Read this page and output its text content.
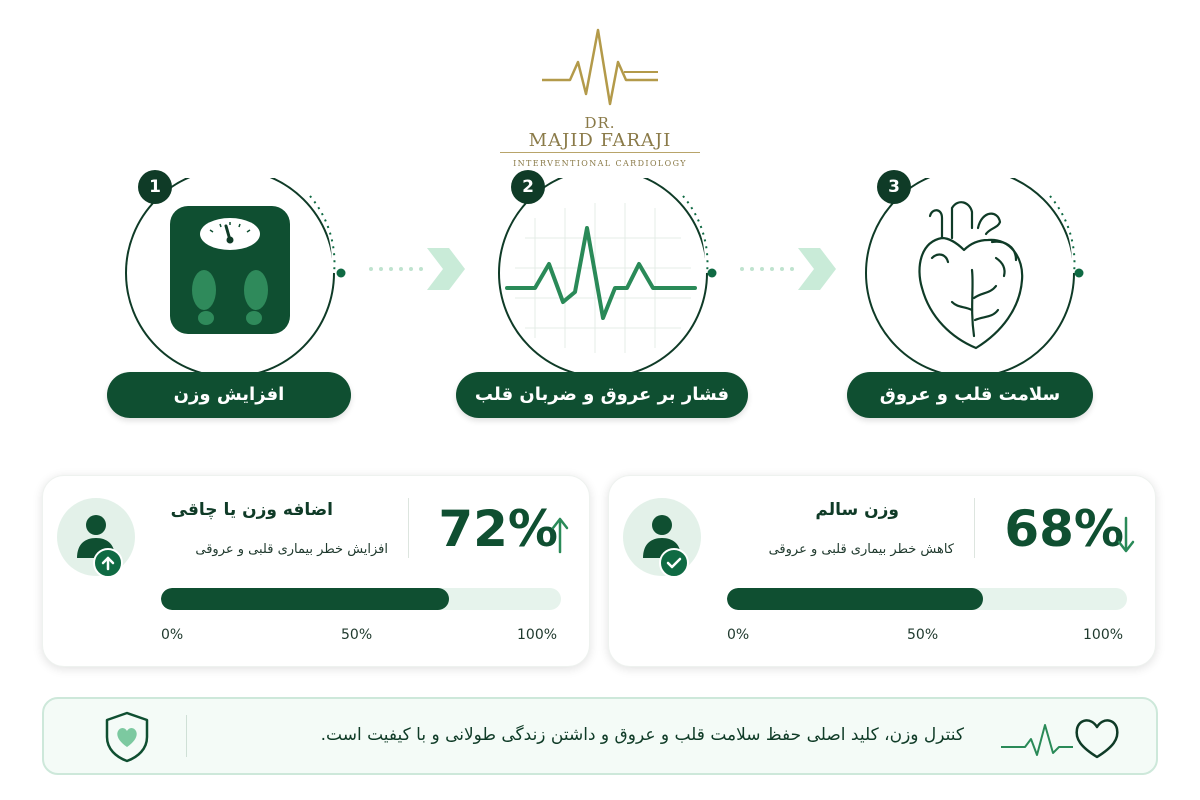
DR.
MAJID FARAJI
INTERVENTIONAL CARDIOLOGY
1
افزایش وزن
2
فشار بر عروق و ضربان قلب
3
سلامت قلب و عروق
اضافه وزن یا چاقی
افزایش خطر بیماری قلبی و عروقی 72%
0%	50%	100%
وزن سالم
کاهش خطر بیماری قلبی و عروقی 68%
0%	50%	100%
کنترل وزن، کلید اصلی حفظ سلامت قلب و عروق و داشتن زندگی طولانی و با کیفیت است.
